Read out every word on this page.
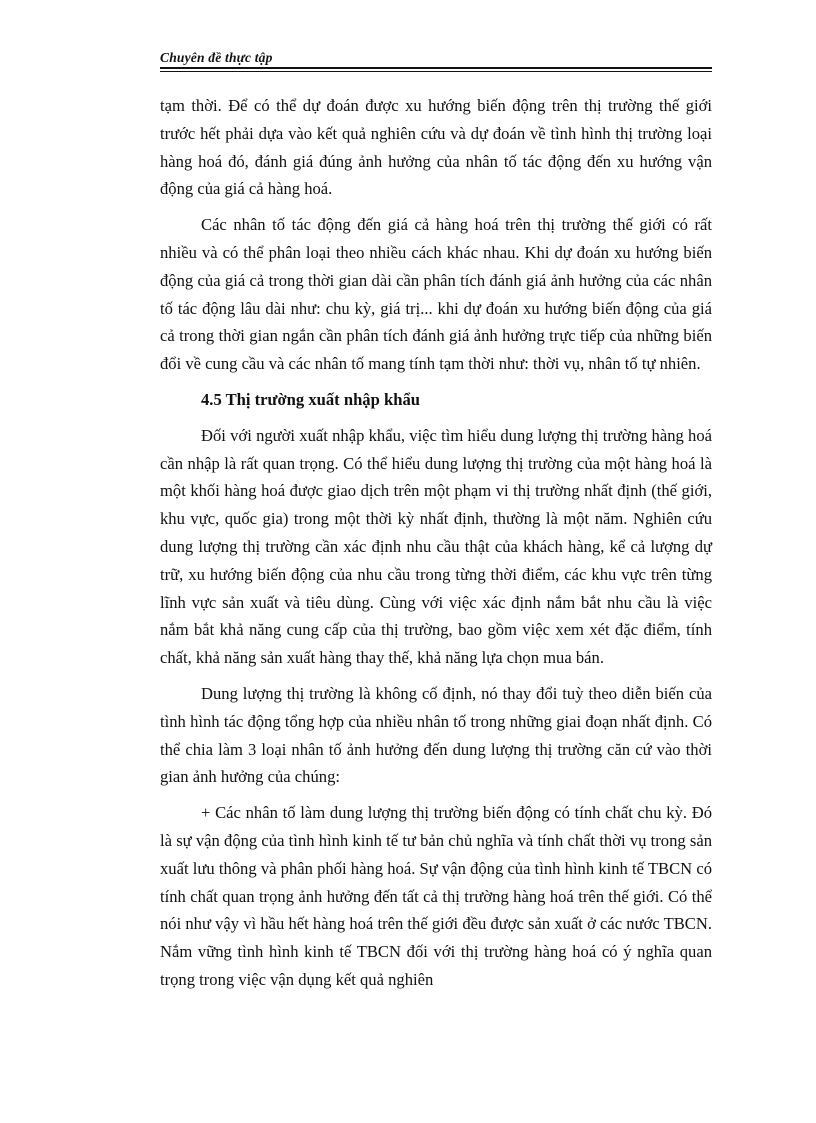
Chuyên đề thực tập

tạm thời. Để có thể dự đoán được xu hướng biến động trên thị trường thế giới trước hết phải dựa vào kết quả nghiên cứu và dự đoán về tình hình thị trường loại hàng hoá đó, đánh giá đúng ảnh hưởng của nhân tố tác động đến xu hướng vận động của giá cả hàng hoá.

Các nhân tố tác động đến giá cả hàng hoá trên thị trường thế giới có rất nhiều và có thể phân loại theo nhiều cách khác nhau. Khi dự đoán xu hướng biến động của giá cả trong thời gian dài cần phân tích đánh giá ảnh hưởng của các nhân tố tác động lâu dài như: chu kỳ, giá trị... khi dự đoán xu hướng biến động của giá cả trong thời gian ngắn cần phân tích đánh giá ảnh hưởng trực tiếp của những biến đổi về cung cầu và các nhân tố mang tính tạm thời như: thời vụ, nhân tố tự nhiên.

4.5 Thị trường xuất nhập khẩu

Đối với người xuất nhập khẩu, việc tìm hiểu dung lượng thị trường hàng hoá cần nhập là rất quan trọng. Có thể hiểu dung lượng thị trường của một hàng hoá là một khối hàng hoá được giao dịch trên một phạm vi thị trường nhất định (thế giới, khu vực, quốc gia) trong một thời kỳ nhất định, thường là một năm. Nghiên cứu dung lượng thị trường cần xác định nhu cầu thật của khách hàng, kể cả lượng dự trữ, xu hướng biến động của nhu cầu trong từng thời điểm, các khu vực trên từng lĩnh vực sản xuất và tiêu dùng. Cùng với việc xác định nắm bắt nhu cầu là việc nắm bắt khả năng cung cấp của thị trường, bao gồm việc xem xét đặc điểm, tính chất, khả năng sản xuất hàng thay thế, khả năng lựa chọn mua bán.

Dung lượng thị trường là không cố định, nó thay đổi tuỳ theo diễn biến của tình hình tác động tổng hợp của nhiều nhân tố trong những giai đoạn nhất định. Có thể chia làm 3 loại nhân tố ảnh hưởng đến dung lượng thị trường căn cứ vào thời gian ảnh hưởng của chúng:

+ Các nhân tố làm dung lượng thị trường biến động có tính chất chu kỳ. Đó là sự vận động của tình hình kinh tế tư bản chủ nghĩa và tính chất thời vụ trong sản xuất lưu thông và phân phối hàng hoá. Sự vận động của tình hình kinh tế TBCN có tính chất quan trọng ảnh hưởng đến tất cả thị trường hàng hoá trên thế giới. Có thể nói như vậy vì hầu hết hàng hoá trên thế giới đều được sản xuất ở các nước TBCN. Nắm vững tình hình kinh tế TBCN đối với thị trường hàng hoá có ý nghĩa quan trọng trong việc vận dụng kết quả nghiên
